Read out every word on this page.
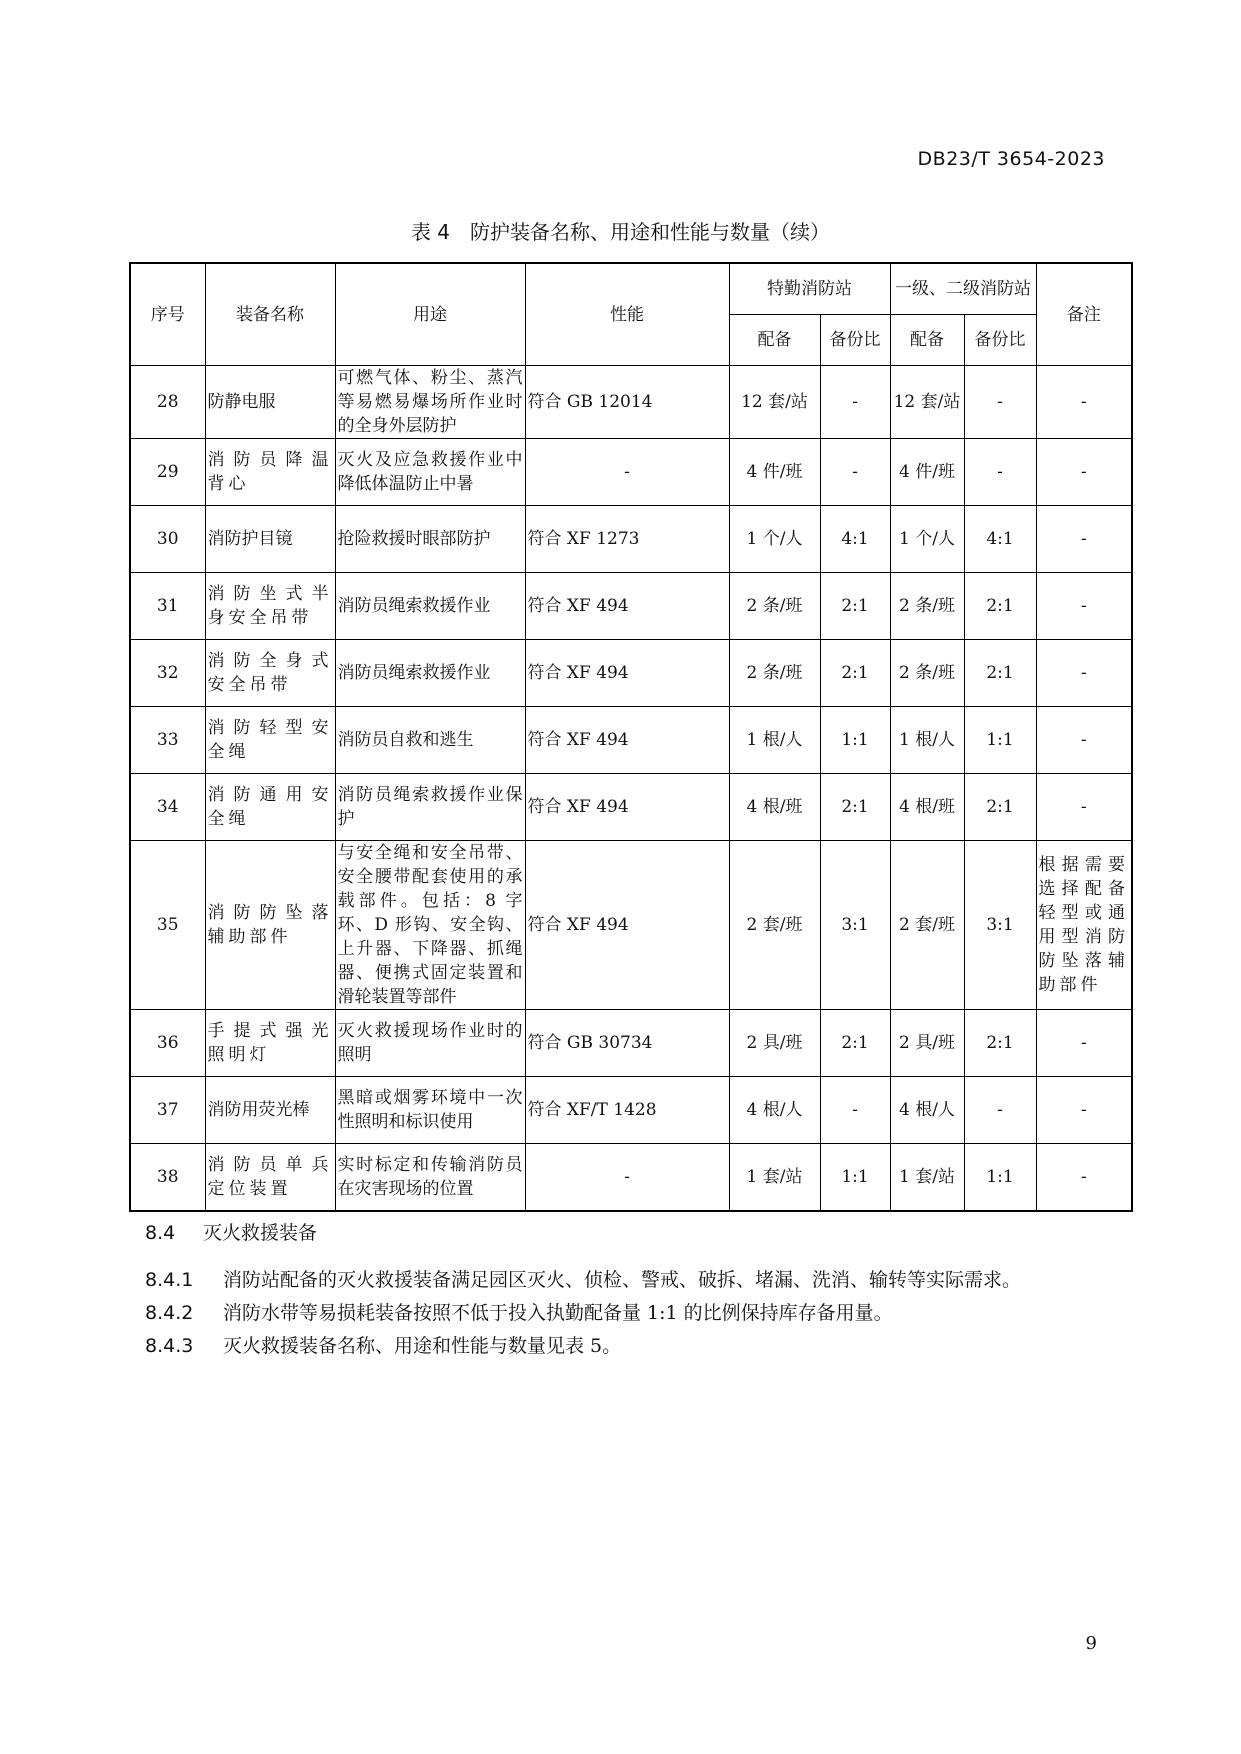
DB23/T 3654-2023
表 4　防护装备名称、用途和性能与数量（续）
序号	装备名称	用途	性能	特勤消防站		一级、二级消防站		备注
				配备	备份比	配备	备份比	
28	防静电服	可燃气体、粉尘、蒸汽等易燃易爆场所作业时的全身外层防护	符合 GB 12014	12 套/站	-	12 套/站	-	-
29	消防员降温背心	灭火及应急救援作业中降低体温防止中暑	-	4 件/班	-	4 件/班	-	-
30	消防护目镜	抢险救援时眼部防护	符合 XF 1273	1 个/人	4:1	1 个/人	4:1	-
31	消防坐式半身安全吊带	消防员绳索救援作业	符合 XF 494	2 条/班	2:1	2 条/班	2:1	-
32	消防全身式安全吊带	消防员绳索救援作业	符合 XF 494	2 条/班	2:1	2 条/班	2:1	-
33	消防轻型安全绳	消防员自救和逃生	符合 XF 494	1 根/人	1:1	1 根/人	1:1	-
34	消防通用安全绳	消防员绳索救援作业保护	符合 XF 494	4 根/班	2:1	4 根/班	2:1	-
35	消防防坠落辅助部件	与安全绳和安全吊带、安全腰带配套使用的承载部件。包括：8 字环、D 形钩、安全钩、上升器、下降器、抓绳器、便携式固定装置和滑轮装置等部件	符合 XF 494	2 套/班	3:1	2 套/班	3:1	根据需要选择配备轻型或通用型消防防坠落辅助部件
36	手提式强光照明灯	灭火救援现场作业时的照明	符合 GB 30734	2 具/班	2:1	2 具/班	2:1	-
37	消防用荧光棒	黑暗或烟雾环境中一次性照明和标识使用	符合 XF/T 1428	4 根/人	-	4 根/人	-	-
38	消防员单兵定位装置	实时标定和传输消防员在灾害现场的位置	-	1 套/站	1:1	1 套/站	1:1	-
8.4 灭火救援装备
8.4.1 消防站配备的灭火救援装备满足园区灭火、侦检、警戒、破拆、堵漏、洗消、输转等实际需求。
8.4.2 消防水带等易损耗装备按照不低于投入执勤配备量 1:1 的比例保持库存备用量。
8.4.3 灭火救援装备名称、用途和性能与数量见表 5。
9
